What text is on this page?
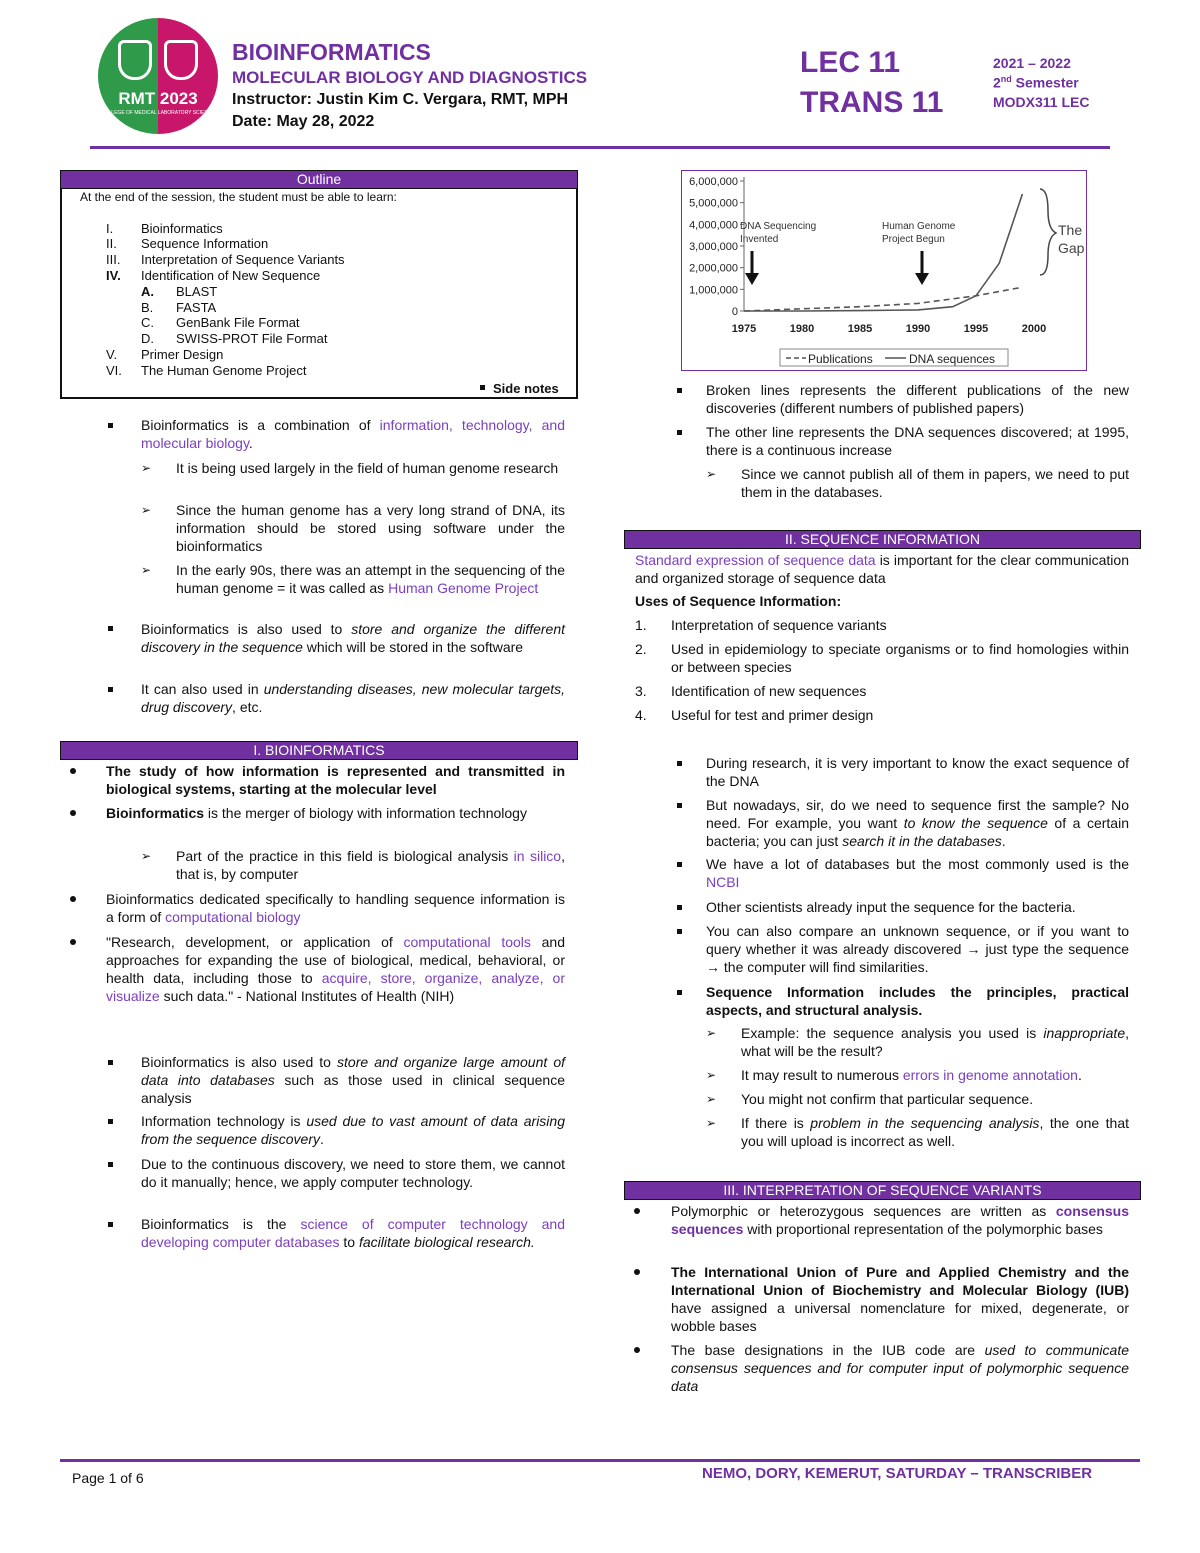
RMT 2023
COLLEGE OF MEDICAL LABORATORY SCIENCE
BIOINFORMATICS
MOLECULAR BIOLOGY AND DIAGNOSTICS
Instructor: Justin Kim C. Vergara, RMT, MPH
Date: May 28, 2022
LEC 11
TRANS 11
2021 – 2022
2nd Semester
MODX311 LEC
Outline
At the end of the session, the student must be able to learn:
I. Bioinformatics
II. Sequence Information
III. Interpretation of Sequence Variants
IV. Identification of New Sequence
A. BLAST
B. FASTA
C. GenBank File Format
D. SWISS-PROT File Format
V. Primer Design
VI. The Human Genome Project
Side notes
Bioinformatics is a combination of information, technology, and molecular biology.
➢ It is being used largely in the field of human genome research
➢ Since the human genome has a very long strand of DNA, its information should be stored using software under the bioinformatics
➢ In the early 90s, there was an attempt in the sequencing of the human genome = it was called as Human Genome Project
Bioinformatics is also used to store and organize the different discovery in the sequence which will be stored in the software
It can also used in understanding diseases, new molecular targets, drug discovery, etc.
I. BIOINFORMATICS
The study of how information is represented and transmitted in biological systems, starting at the molecular level
Bioinformatics is the merger of biology with information technology
➢ Part of the practice in this field is biological analysis in silico, that is, by computer
Bioinformatics dedicated specifically to handling sequence information is a form of computational biology
"Research, development, or application of computational tools and approaches for expanding the use of biological, medical, behavioral, or health data, including those to acquire, store, organize, analyze, or visualize such data." - National Institutes of Health (NIH)
Bioinformatics is also used to store and organize large amount of data into databases such as those used in clinical sequence analysis
Information technology is used due to vast amount of data arising from the sequence discovery.
Due to the continuous discovery, we need to store them, we cannot do it manually; hence, we apply computer technology.
Bioinformatics is the science of computer technology and developing computer databases to facilitate biological research.
6,000,000
5,000,000
4,000,000
3,000,000
2,000,000
1,000,000
0
1975	1980	1985	1990	1995	2000
DNA Sequencing
Invented
Human Genome
Project Begun
The
Gap
Publications	DNA sequences
Broken lines represents the different publications of the new discoveries (different numbers of published papers)
The other line represents the DNA sequences discovered; at 1995, there is a continuous increase
➢ Since we cannot publish all of them in papers, we need to put them in the databases.
II. SEQUENCE INFORMATION
Standard expression of sequence data is important for the clear communication and organized storage of sequence data
Uses of Sequence Information:
1. Interpretation of sequence variants
2. Used in epidemiology to speciate organisms or to find homologies within or between species
3. Identification of new sequences
4. Useful for test and primer design
During research, it is very important to know the exact sequence of the DNA
But nowadays, sir, do we need to sequence first the sample? No need. For example, you want to know the sequence of a certain bacteria; you can just search it in the databases.
We have a lot of databases but the most commonly used is the NCBI
Other scientists already input the sequence for the bacteria.
You can also compare an unknown sequence, or if you want to query whether it was already discovered → just type the sequence → the computer will find similarities.
Sequence Information includes the principles, practical aspects, and structural analysis.
➢ Example: the sequence analysis you used is inappropriate, what will be the result?
➢ It may result to numerous errors in genome annotation.
➢ You might not confirm that particular sequence.
➢ If there is problem in the sequencing analysis, the one that you will upload is incorrect as well.
III. INTERPRETATION OF SEQUENCE VARIANTS
Polymorphic or heterozygous sequences are written as consensus sequences with proportional representation of the polymorphic bases
The International Union of Pure and Applied Chemistry and the International Union of Biochemistry and Molecular Biology (IUB) have assigned a universal nomenclature for mixed, degenerate, or wobble bases
The base designations in the IUB code are used to communicate consensus sequences and for computer input of polymorphic sequence data
Page 1 of 6	NEMO, DORY, KEMERUT, SATURDAY – TRANSCRIBER
